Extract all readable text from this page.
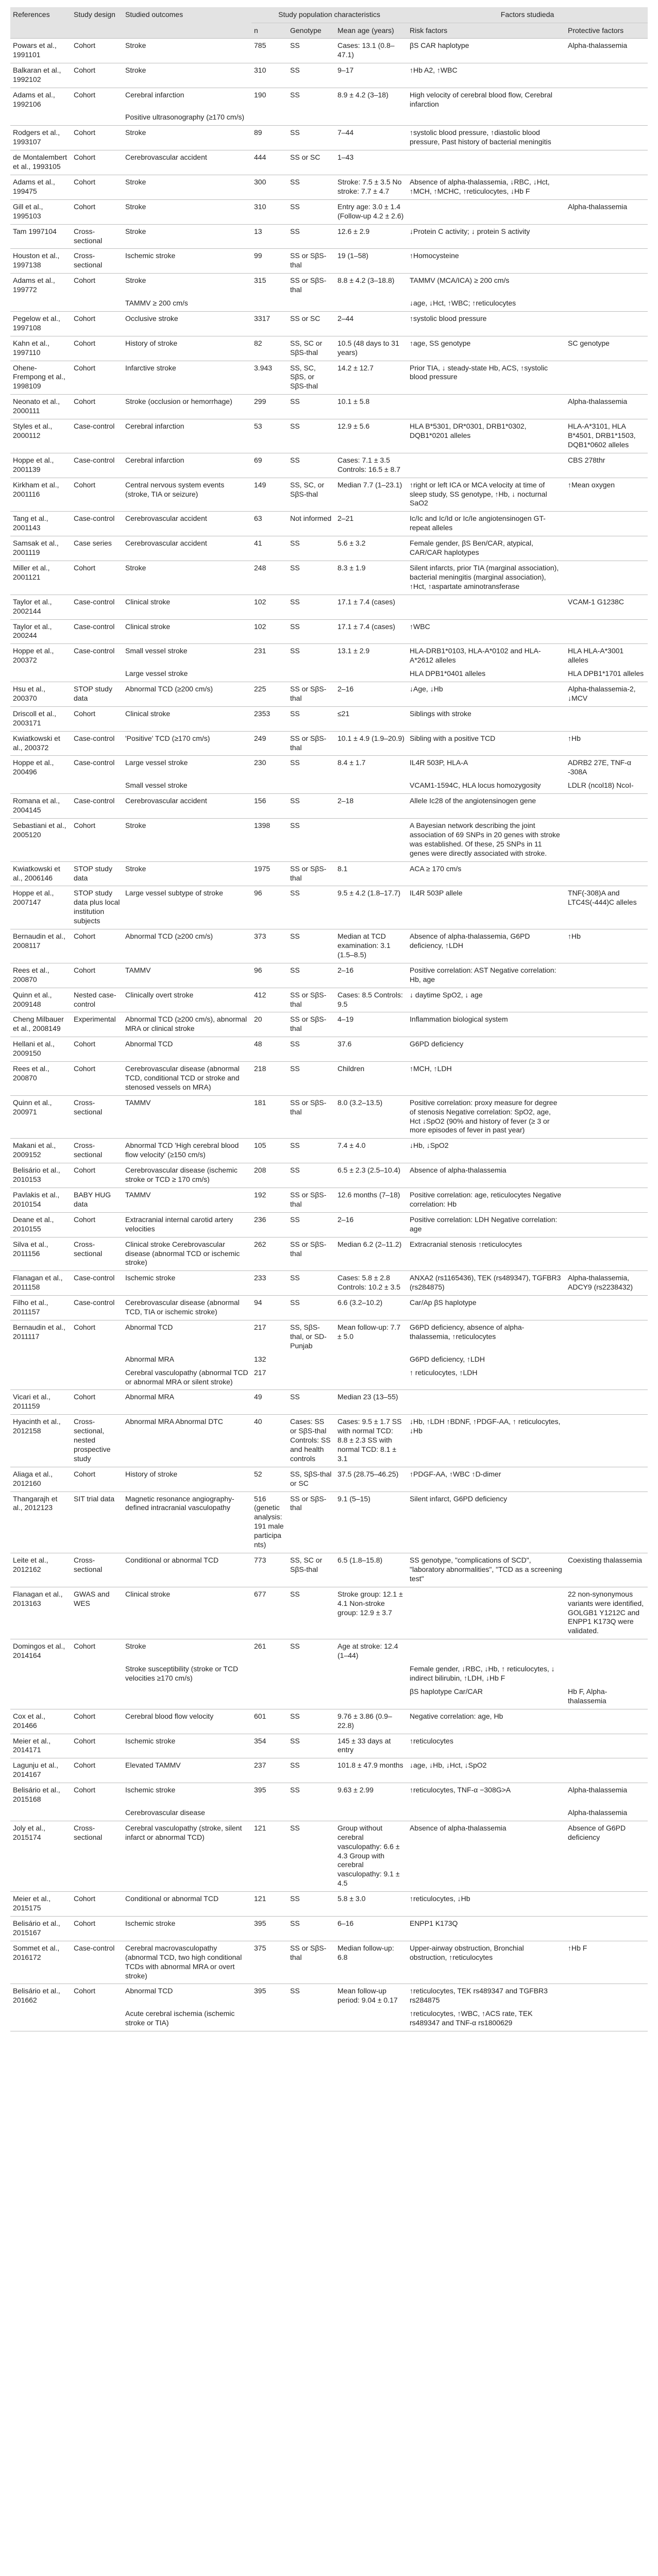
References	Study design	Studied outcomes	Study population characteristics			Factors studieda	
			n	Genotype	Mean age (years)	Risk factors	Protective factors
Powars et al., 1991101	Cohort	Stroke	785	SS	Cases: 13.1 (0.8–47.1)	βS CAR haplotype	Alpha-thalassemia
Balkaran et al., 1992102	Cohort	Stroke	310	SS	9–17	↑Hb A2, ↑WBC	
Adams et al., 1992106	Cohort	Cerebral infarction	190	SS	8.9 ± 4.2 (3–18)	High velocity of cerebral blood flow, Cerebral infarction	
		Positive ultrasonography (≥170 cm/s)					
Rodgers et al., 1993107	Cohort	Stroke	89	SS	7–44	↑systolic blood pressure, ↑diastolic blood pressure, Past history of bacterial meningitis	
de Montalembert et al., 1993105	Cohort	Cerebrovascular accident	444	SS or SC	1–43		
Adams et al., 199475	Cohort	Stroke	300	SS	Stroke: 7.5 ± 3.5 No stroke: 7.7 ± 4.7	Absence of alpha-thalassemia, ↓RBC, ↓Hct, ↑MCH, ↑MCHC, ↑reticulocytes, ↓Hb F	
Gill et al., 1995103	Cohort	Stroke	310	SS	Entry age: 3.0 ± 1.4 (Follow-up 4.2 ± 2.6)		Alpha-thalassemia
Tam 1997104	Cross-sectional	Stroke	13	SS	12.6 ± 2.9	↓Protein C activity; ↓ protein S activity	
Houston et al., 1997138	Cross-sectional	Ischemic stroke	99	SS or SβS-thal	19 (1–58)	↑Homocysteine	
Adams et al., 199772	Cohort	Stroke	315	SS or SβS-thal	8.8 ± 4.2 (3–18.8)	TAMMV (MCA/ICA) ≥ 200 cm/s	
		TAMMV ≥ 200 cm/s				↓age, ↓Hct, ↑WBC; ↑reticulocytes	
Pegelow et al., 1997108	Cohort	Occlusive stroke	3317	SS or SC	2–44	↑systolic blood pressure	
Kahn et al., 1997110	Cohort	History of stroke	82	SS, SC or SβS-thal	10.5 (48 days to 31 years)	↑age, SS genotype	SC genotype
Ohene-Frempong et al., 1998109	Cohort	Infarctive stroke	3.943	SS, SC, SβS, or SβS-thal	14.2 ± 12.7	Prior TIA, ↓ steady-state Hb, ACS, ↑systolic blood pressure	
Neonato et al., 2000111	Cohort	Stroke (occlusion or hemorrhage)	299	SS	10.1 ± 5.8		Alpha-thalassemia
Styles et al., 2000112	Case-control	Cerebral infarction	53	SS	12.9 ± 5.6	HLA B*5301, DR*0301, DRB1*0302, DQB1*0201 alleles	HLA-A*3101, HLA B*4501, DRB1*1503, DQB1*0602 alleles
Hoppe et al., 2001139	Case-control	Cerebral infarction	69	SS	Cases: 7.1 ± 3.5 Controls: 16.5 ± 8.7		CBS 278thr
Kirkham et al., 2001116	Cohort	Central nervous system events (stroke, TIA or seizure)	149	SS, SC, or SβS-thal	Median 7.7 (1–23.1)	↑right or left ICA or MCA velocity at time of sleep study, SS genotype, ↑Hb, ↓ nocturnal SaO2	↑Mean oxygen
Tang et al., 2001143	Case-control	Cerebrovascular accident	63	Not informed	2–21	Ic/Ic and Ic/Id or Ic/Ie angiotensinogen GT-repeat alleles	
Samsak et al., 2001119	Case series	Cerebrovascular accident	41	SS	5.6 ± 3.2	Female gender, βS Ben/CAR, atypical, CAR/CAR haplotypes	
Miller et al., 2001121	Cohort	Stroke	248	SS	8.3 ± 1.9	Silent infarcts, prior TIA (marginal association), bacterial meningitis (marginal association), ↑Hct, ↑aspartate aminotransferase	
Taylor et al., 2002144	Case-control	Clinical stroke	102	SS	17.1 ± 7.4 (cases)		VCAM-1 G1238C
Taylor et al., 200244	Case-control	Clinical stroke	102	SS	17.1 ± 7.4 (cases)	↑WBC	
Hoppe et al., 200372	Case-control	Small vessel stroke	231	SS	13.1 ± 2.9	HLA-DRB1*0103, HLA-A*0102 and HLA-A*2612 alleles	HLA HLA-A*3001 alleles
		Large vessel stroke				HLA DPB1*0401 alleles	HLA DPB1*1701 alleles
Hsu et al., 200370	STOP study data	Abnormal TCD (≥200 cm/s)	225	SS or SβS-thal	2–16	↓Age, ↓Hb	Alpha-thalassemia-2, ↓MCV
Driscoll et al., 2003171	Cohort	Clinical stroke	2353	SS	≤21	Siblings with stroke	
Kwiatkowski et al., 200372	Case-control	'Positive' TCD (≥170 cm/s)	249	SS or SβS-thal	10.1 ± 4.9 (1.9–20.9)	Sibling with a positive TCD	↑Hb
Hoppe et al., 200496	Case-control	Large vessel stroke	230	SS	8.4 ± 1.7	IL4R 503P, HLA-A	ADRB2 27E, TNF-α -308A
		Small vessel stroke				VCAM1-1594C, HLA locus homozygosity	LDLR (ncol18) NcoI-
Romana et al., 2004145	Case-control	Cerebrovascular accident	156	SS	2–18	Allele Ic28 of the angiotensinogen gene	
Sebastiani et al., 2005120	Cohort	Stroke	1398	SS		A Bayesian network describing the joint association of 69 SNPs in 20 genes with stroke was established. Of these, 25 SNPs in 11 genes were directly associated with stroke.	
Kwiatkowski et al., 2006146	STOP study data	Stroke	1975	SS or SβS-thal	8.1	ACA ≥ 170 cm/s	
Hoppe et al., 2007147	STOP study data plus local institution subjects	Large vessel subtype of stroke	96	SS	9.5 ± 4.2 (1.8–17.7)	IL4R 503P allele	TNF(-308)A and LTC4S(-444)C alleles
Bernaudin et al., 2008117	Cohort	Abnormal TCD (≥200 cm/s)	373	SS	Median at TCD examination: 3.1 (1.5–8.5)	Absence of alpha-thalassemia, G6PD deficiency, ↑LDH	↑Hb
Rees et al., 200870	Cohort	TAMMV	96	SS	2–16	Positive correlation: AST Negative correlation: Hb, age	
Quinn et al., 2009148	Nested case-control	Clinically overt stroke	412	SS or SβS-thal	Cases: 8.5 Controls: 9.5	↓ daytime SpO2, ↓ age	
Cheng Milbauer et al., 2008149	Experimental	Abnormal TCD (≥200 cm/s), abnormal MRA or clinical stroke	20	SS or SβS-thal	4–19	Inflammation biological system	
Hellani et al., 2009150	Cohort	Abnormal TCD	48	SS	37.6	G6PD deficiency	
Rees et al., 200870	Cohort	Cerebrovascular disease (abnormal TCD, conditional TCD or stroke and stenosed vessels on MRA)	218	SS	Children	↑MCH, ↑LDH	
Quinn et al., 200971	Cross-sectional	TAMMV	181	SS or SβS-thal	8.0 (3.2–13.5)	Positive correlation: proxy measure for degree of stenosis Negative correlation: SpO2, age, Hct ↓SpO2 (90% and history of fever (≥ 3 or more episodes of fever in past year)	
Makani et al., 2009152	Cross-sectional	Abnormal TCD 'High cerebral blood flow velocity' (≥150 cm/s)	105	SS	7.4 ± 4.0	↓Hb, ↓SpO2	
Belisário et al., 2010153	Cohort	Cerebrovascular disease (ischemic stroke or TCD ≥ 170 cm/s)	208	SS	6.5 ± 2.3 (2.5–10.4)	Absence of alpha-thalassemia	
Pavlakis et al., 2010154	BABY HUG data	TAMMV	192	SS or SβS-thal	12.6 months (7–18)	Positive correlation: age, reticulocytes Negative correlation: Hb	
Deane et al., 2010155	Cohort	Extracranial internal carotid artery velocities	236	SS	2–16	Positive correlation: LDH Negative correlation: age	
Silva et al., 2011156	Cross-sectional	Clinical stroke Cerebrovascular disease (abnormal TCD or ischemic stroke)	262	SS or SβS-thal	Median 6.2 (2–11.2)	Extracranial stenosis ↑reticulocytes	
Flanagan et al., 2011158	Case-control	Ischemic stroke	233	SS	Cases: 5.8 ± 2.8 Controls: 10.2 ± 3.5	ANXA2 (rs1165436), TEK (rs489347), TGFBR3 (rs284875)	Alpha-thalassemia, ADCY9 (rs2238432)
Filho et al., 2011157	Case-control	Cerebrovascular disease (abnormal TCD, TIA or ischemic stroke)	94	SS	6.6 (3.2–10.2)	Car/Ap βS haplotype	
Bernaudin et al., 2011117	Cohort	Abnormal TCD	217	SS, SβS-thal, or SD-Punjab	Mean follow-up: 7.7 ± 5.0	G6PD deficiency, absence of alpha-thalassemia, ↑reticulocytes	
		Abnormal MRA	132			G6PD deficiency, ↑LDH	
		Cerebral vasculopathy (abnormal TCD or abnormal MRA or silent stroke)	217			↑ reticulocytes, ↑LDH	
Vicari et al., 2011159	Cohort	Abnormal MRA	49	SS	Median 23 (13–55)		
Hyacinth et al., 2012158	Cross-sectional, nested prospective study	Abnormal MRA Abnormal DTC	40	Cases: SS or SβS-thal Controls: SS and health controls	Cases: 9.5 ± 1.7 SS with normal TCD: 8.8 ± 2.3 SS with normal TCD: 8.1 ± 3.1	↓Hb, ↑LDH ↑BDNF, ↑PDGF-AA, ↑ reticulocytes, ↓Hb	
Aliaga et al., 2012160	Cohort	History of stroke	52	SS, SβS-thal or SC	37.5 (28.75–46.25)	↑PDGF-AA, ↑WBC ↑D-dimer	
Thangarajh et al., 2012123	SIT trial data	Magnetic resonance angiography-defined intracranial vasculopathy	516 (genetic analysis: 191 male participants)	SS or SβS-thal	9.1 (5–15)	Silent infarct, G6PD deficiency	
Leite et al., 2012162	Cross-sectional	Conditional or abnormal TCD	773	SS, SC or SβS-thal	6.5 (1.8–15.8)	SS genotype, "complications of SCD", "laboratory abnormalities", "TCD as a screening test"	Coexisting thalassemia
Flanagan et al., 2013163	GWAS and WES	Clinical stroke	677	SS	Stroke group: 12.1 ± 4.1 Non-stroke group: 12.9 ± 3.7		22 non-synonymous variants were identified, GOLGB1 Y1212C and ENPP1 K173Q were validated.
Domingos et al., 2014164	Cohort	Stroke	261	SS	Age at stroke: 12.4 (1–44)		
		Stroke susceptibility (stroke or TCD velocities ≥170 cm/s)				Female gender, ↓RBC, ↓Hb, ↑ reticulocytes, ↓ indirect bilirubin, ↑LDH, ↓Hb F	
						βS haplotype Car/CAR	Hb F, Alpha-thalassemia
Cox et al., 201466	Cohort	Cerebral blood flow velocity	601	SS	9.76 ± 3.86 (0.9–22.8)	Negative correlation: age, Hb	
Meier et al., 2014171	Cohort	Ischemic stroke	354	SS	145 ± 33 days at entry	↑reticulocytes	
Lagunju et al., 2014167	Cohort	Elevated TAMMV	237	SS	101.8 ± 47.9 months	↓age, ↓Hb, ↓Hct, ↓SpO2	
Belisário et al., 2015168	Cohort	Ischemic stroke	395	SS	9.63 ± 2.99	↑reticulocytes, TNF-α −308G>A	Alpha-thalassemia
		Cerebrovascular disease					Alpha-thalassemia
Joly et al., 2015174	Cross-sectional	Cerebral vasculopathy (stroke, silent infarct or abnormal TCD)	121	SS	Group without cerebral vasculopathy: 6.6 ± 4.3 Group with cerebral vasculopathy: 9.1 ± 4.5	Absence of alpha-thalassemia	Absence of G6PD deficiency
Meier et al., 2015175	Cohort	Conditional or abnormal TCD	121	SS	5.8 ± 3.0	↑reticulocytes, ↓Hb	
Belisário et al., 2015167	Cohort	Ischemic stroke	395	SS	6–16	ENPP1 K173Q	
Sommet et al., 2016172	Case-control	Cerebral macrovasculopathy (abnormal TCD, two high conditional TCDs with abnormal MRA or overt stroke)	375	SS or SβS-thal	Median follow-up: 6.8	Upper-airway obstruction, Bronchial obstruction, ↑reticulocytes	↑Hb F
Belisário et al., 201662	Cohort	Abnormal TCD	395	SS	Mean follow-up period: 9.04 ± 0.17	↑reticulocytes, TEK rs489347 and TGFBR3 rs284875	
		Acute cerebral ischemia (ischemic stroke or TIA)				↑reticulocytes, ↑WBC, ↑ACS rate, TEK rs489347 and TNF-α rs1800629	
